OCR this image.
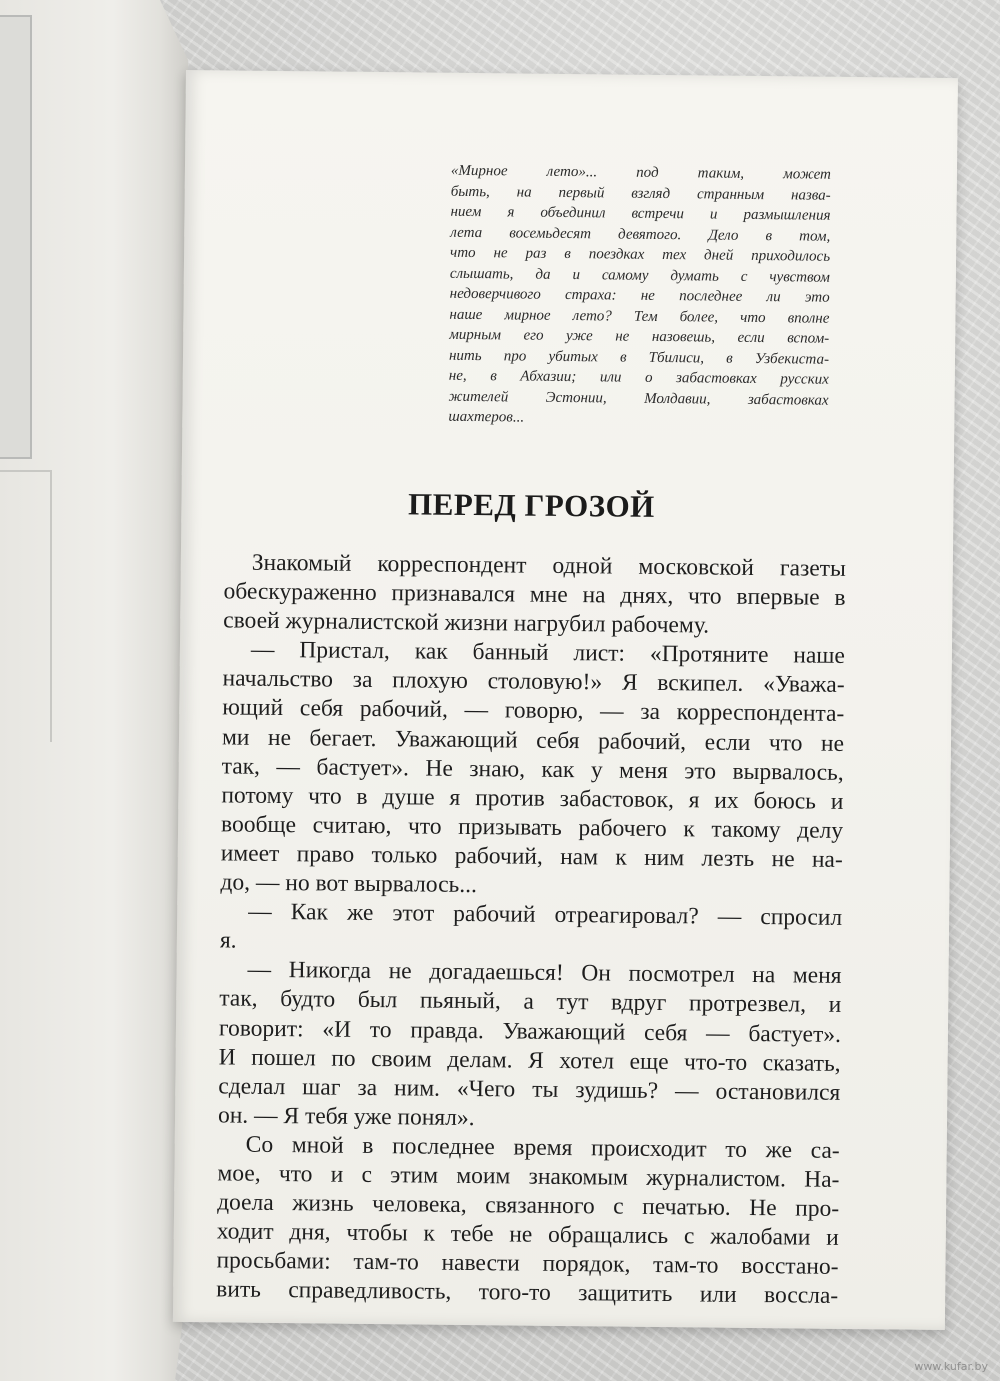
«Мирное лето»... под таким, может
быть, на первый взгляд странным назва-
нием я объединил встречи и размышления
лета восемьдесят девятого. Дело в том,
что не раз в поездках тех дней приходилось
слышать, да и самому думать с чувством
недоверчивого страха: не последнее ли это
наше мирное лето? Тем более, что вполне
мирным его уже не назовешь, если вспом-
нить про убитых в Тбилиси, в Узбекиста-
не, в Абхазии; или о забастовках русских
жителей Эстонии, Молдавии, забастовках
шахтеров...
ПЕРЕД ГРОЗОЙ
Знакомый корреспондент одной московской газеты
обескураженно признавался мне на днях, что впервые в
своей журналистской жизни нагрубил рабочему.
— Пристал, как банный лист: «Протяните наше
начальство за плохую столовую!» Я вскипел. «Уважа-
ющий себя рабочий, — говорю, — за корреспондента-
ми не бегает. Уважающий себя рабочий, если что не
так, — бастует». Не знаю, как у меня это вырвалось,
потому что в душе я против забастовок, я их боюсь и
вообще считаю, что призывать рабочего к такому делу
имеет право только рабочий, нам к ним лезть не на-
до, — но вот вырвалось...
— Как же этот рабочий отреагировал? — спросил
я.
— Никогда не догадаешься! Он посмотрел на меня
так, будто был пьяный, а тут вдруг протрезвел, и
говорит: «И то правда. Уважающий себя — бастует».
И пошел по своим делам. Я хотел еще что-то сказать,
сделал шаг за ним. «Чего ты зудишь? — остановился
он. — Я тебя уже понял».
Со мной в последнее время происходит то же са-
мое, что и с этим моим знакомым журналистом. На-
доела жизнь человека, связанного с печатью. Не про-
ходит дня, чтобы к тебе не обращались с жалобами и
просьбами: там-то навести порядок, там-то восстано-
вить справедливость, того-то защитить или воссла-
www.kufar.by
